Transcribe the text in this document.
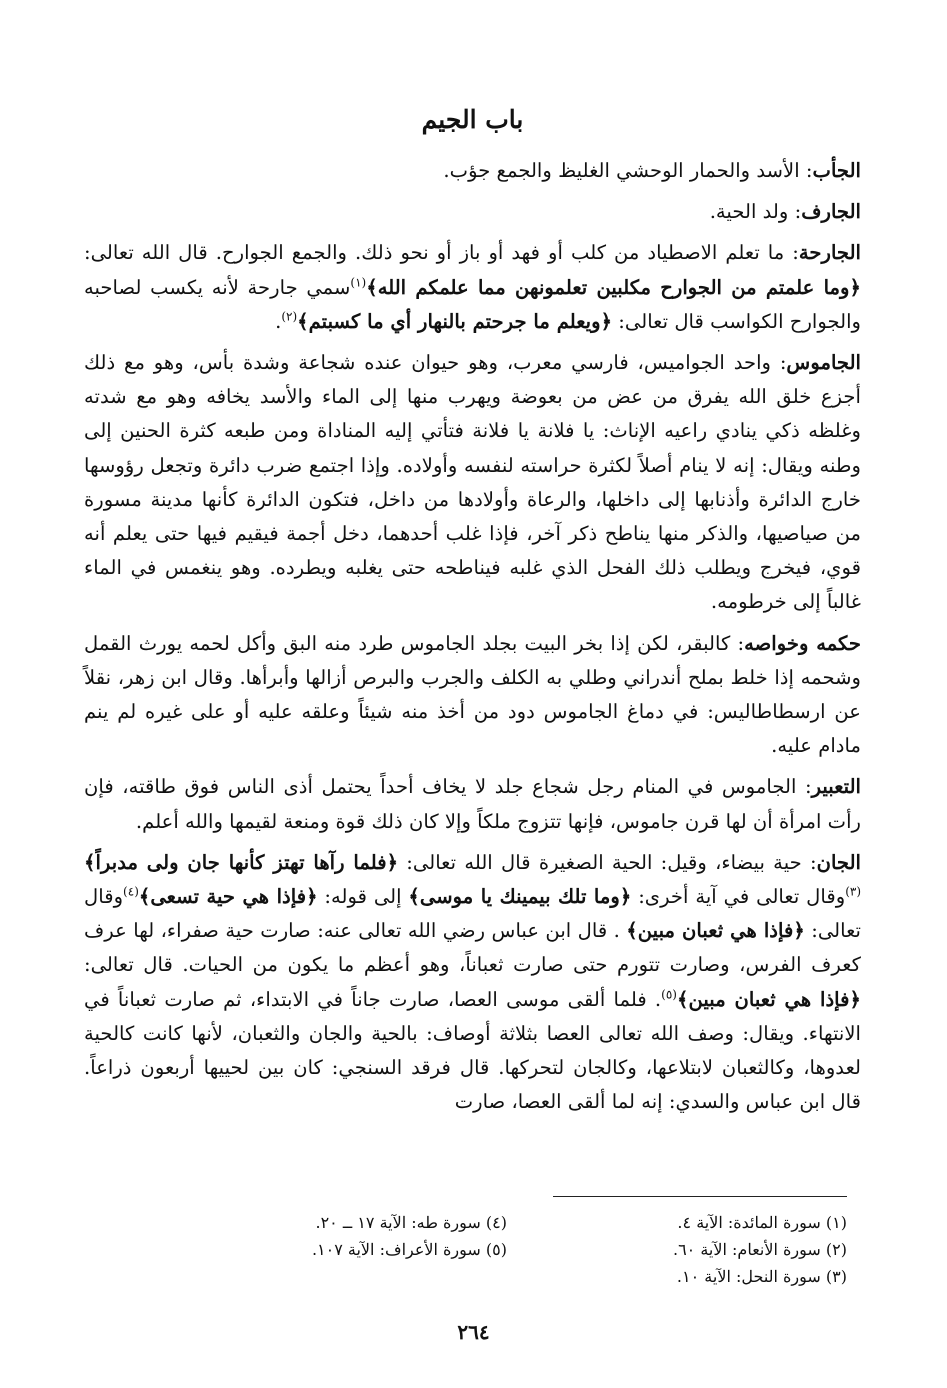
باب الجيم

الجأب: الأسد والحمار الوحشي الغليظ والجمع جؤب.

الجارف: ولد الحية.

الجارحة: ما تعلم الاصطياد من كلب أو فهد أو باز أو نحو ذلك. والجمع الجوارح. قال الله تعالى: ﴿وما علمتم من الجوارح مكلبين تعلمونهن مما علمكم الله﴾$^{(١)}$سمي جارحة لأنه يكسب لصاحبه والجوارح الكواسب قال تعالى: ﴿ويعلم ما جرحتم بالنهار أي ما كسبتم﴾$^{(٢)}$.

الجاموس: واحد الجواميس، فارسي معرب، وهو حيوان عنده شجاعة وشدة بأس، وهو مع ذلك أجزع خلق الله يفرق من عض من بعوضة ويهرب منها إلى الماء والأسد يخافه وهو مع شدته وغلظه ذكي ينادي راعيه الإناث: يا فلانة يا فلانة فتأتي إليه المناداة ومن طبعه كثرة الحنين إلى وطنه ويقال: إنه لا ينام أصلاً لكثرة حراسته لنفسه وأولاده. وإذا اجتمع ضرب دائرة وتجعل رؤوسها خارج الدائرة وأذنابها إلى داخلها، والرعاة وأولادها من داخل، فتكون الدائرة كأنها مدينة مسورة من صياصيها، والذكر منها يناطح ذكر آخر، فإذا غلب أحدهما، دخل أجمة فيقيم فيها حتى يعلم أنه قوي، فيخرج ويطلب ذلك الفحل الذي غلبه فيناطحه حتى يغلبه ويطرده. وهو ينغمس في الماء غالباً إلى خرطومه.

حكمه وخواصه: كالبقر، لكن إذا بخر البيت بجلد الجاموس طرد منه البق وأكل لحمه يورث القمل وشحمه إذا خلط بملح أندراني وطلي به الكلف والجرب والبرص أزالها وأبرأها. وقال ابن زهر، نقلاً عن ارسطاطاليس: في دماغ الجاموس دود من أخذ منه شيئاً وعلقه عليه أو على غيره لم ينم مادام عليه.

التعبير: الجاموس في المنام رجل شجاع جلد لا يخاف أحداً يحتمل أذى الناس فوق طاقته، فإن رأت امرأة أن لها قرن جاموس، فإنها تتزوج ملكاً وإلا كان ذلك قوة ومنعة لقيمها والله أعلم.

الجان: حية بيضاء، وقيل: الحية الصغيرة قال الله تعالى: ﴿فلما رآها تهتز كأنها جان ولى مدبراً﴾$^{(٣)}$وقال تعالى في آية أخرى: ﴿وما تلك بيمينك يا موسى﴾ إلى قوله: ﴿فإذا هي حية تسعى﴾$^{(٤)}$وقال تعالى: ﴿فإذا هي ثعبان مبين﴾ . قال ابن عباس رضي الله تعالى عنه: صارت حية صفراء، لها عرف كعرف الفرس، وصارت تتورم حتى صارت ثعباناً، وهو أعظم ما يكون من الحيات. قال تعالى: ﴿فإذا هي ثعبان مبين﴾$^{(٥)}$. فلما ألقى موسى العصا، صارت جاناً في الابتداء، ثم صارت ثعباناً في الانتهاء. ويقال: وصف الله تعالى العصا بثلاثة أوصاف: بالحية والجان والثعبان، لأنها كانت كالحية لعدوها، وكالثعبان لابتلاعها، وكالجان لتحركها. قال فرقد السنجي: كان بين لحييها أربعون ذراعاً. قال ابن عباس والسدي: إنه لما ألقى العصا، صارت

(١) سورة المائدة: الآية ٤.
(٢) سورة الأنعام: الآية ٦٠.
(٣) سورة النحل: الآية ١٠.
(٤) سورة طه: الآية ١٧ ــ ٢٠.
(٥) سورة الأعراف: الآية ١٠٧.
٢٦٤
